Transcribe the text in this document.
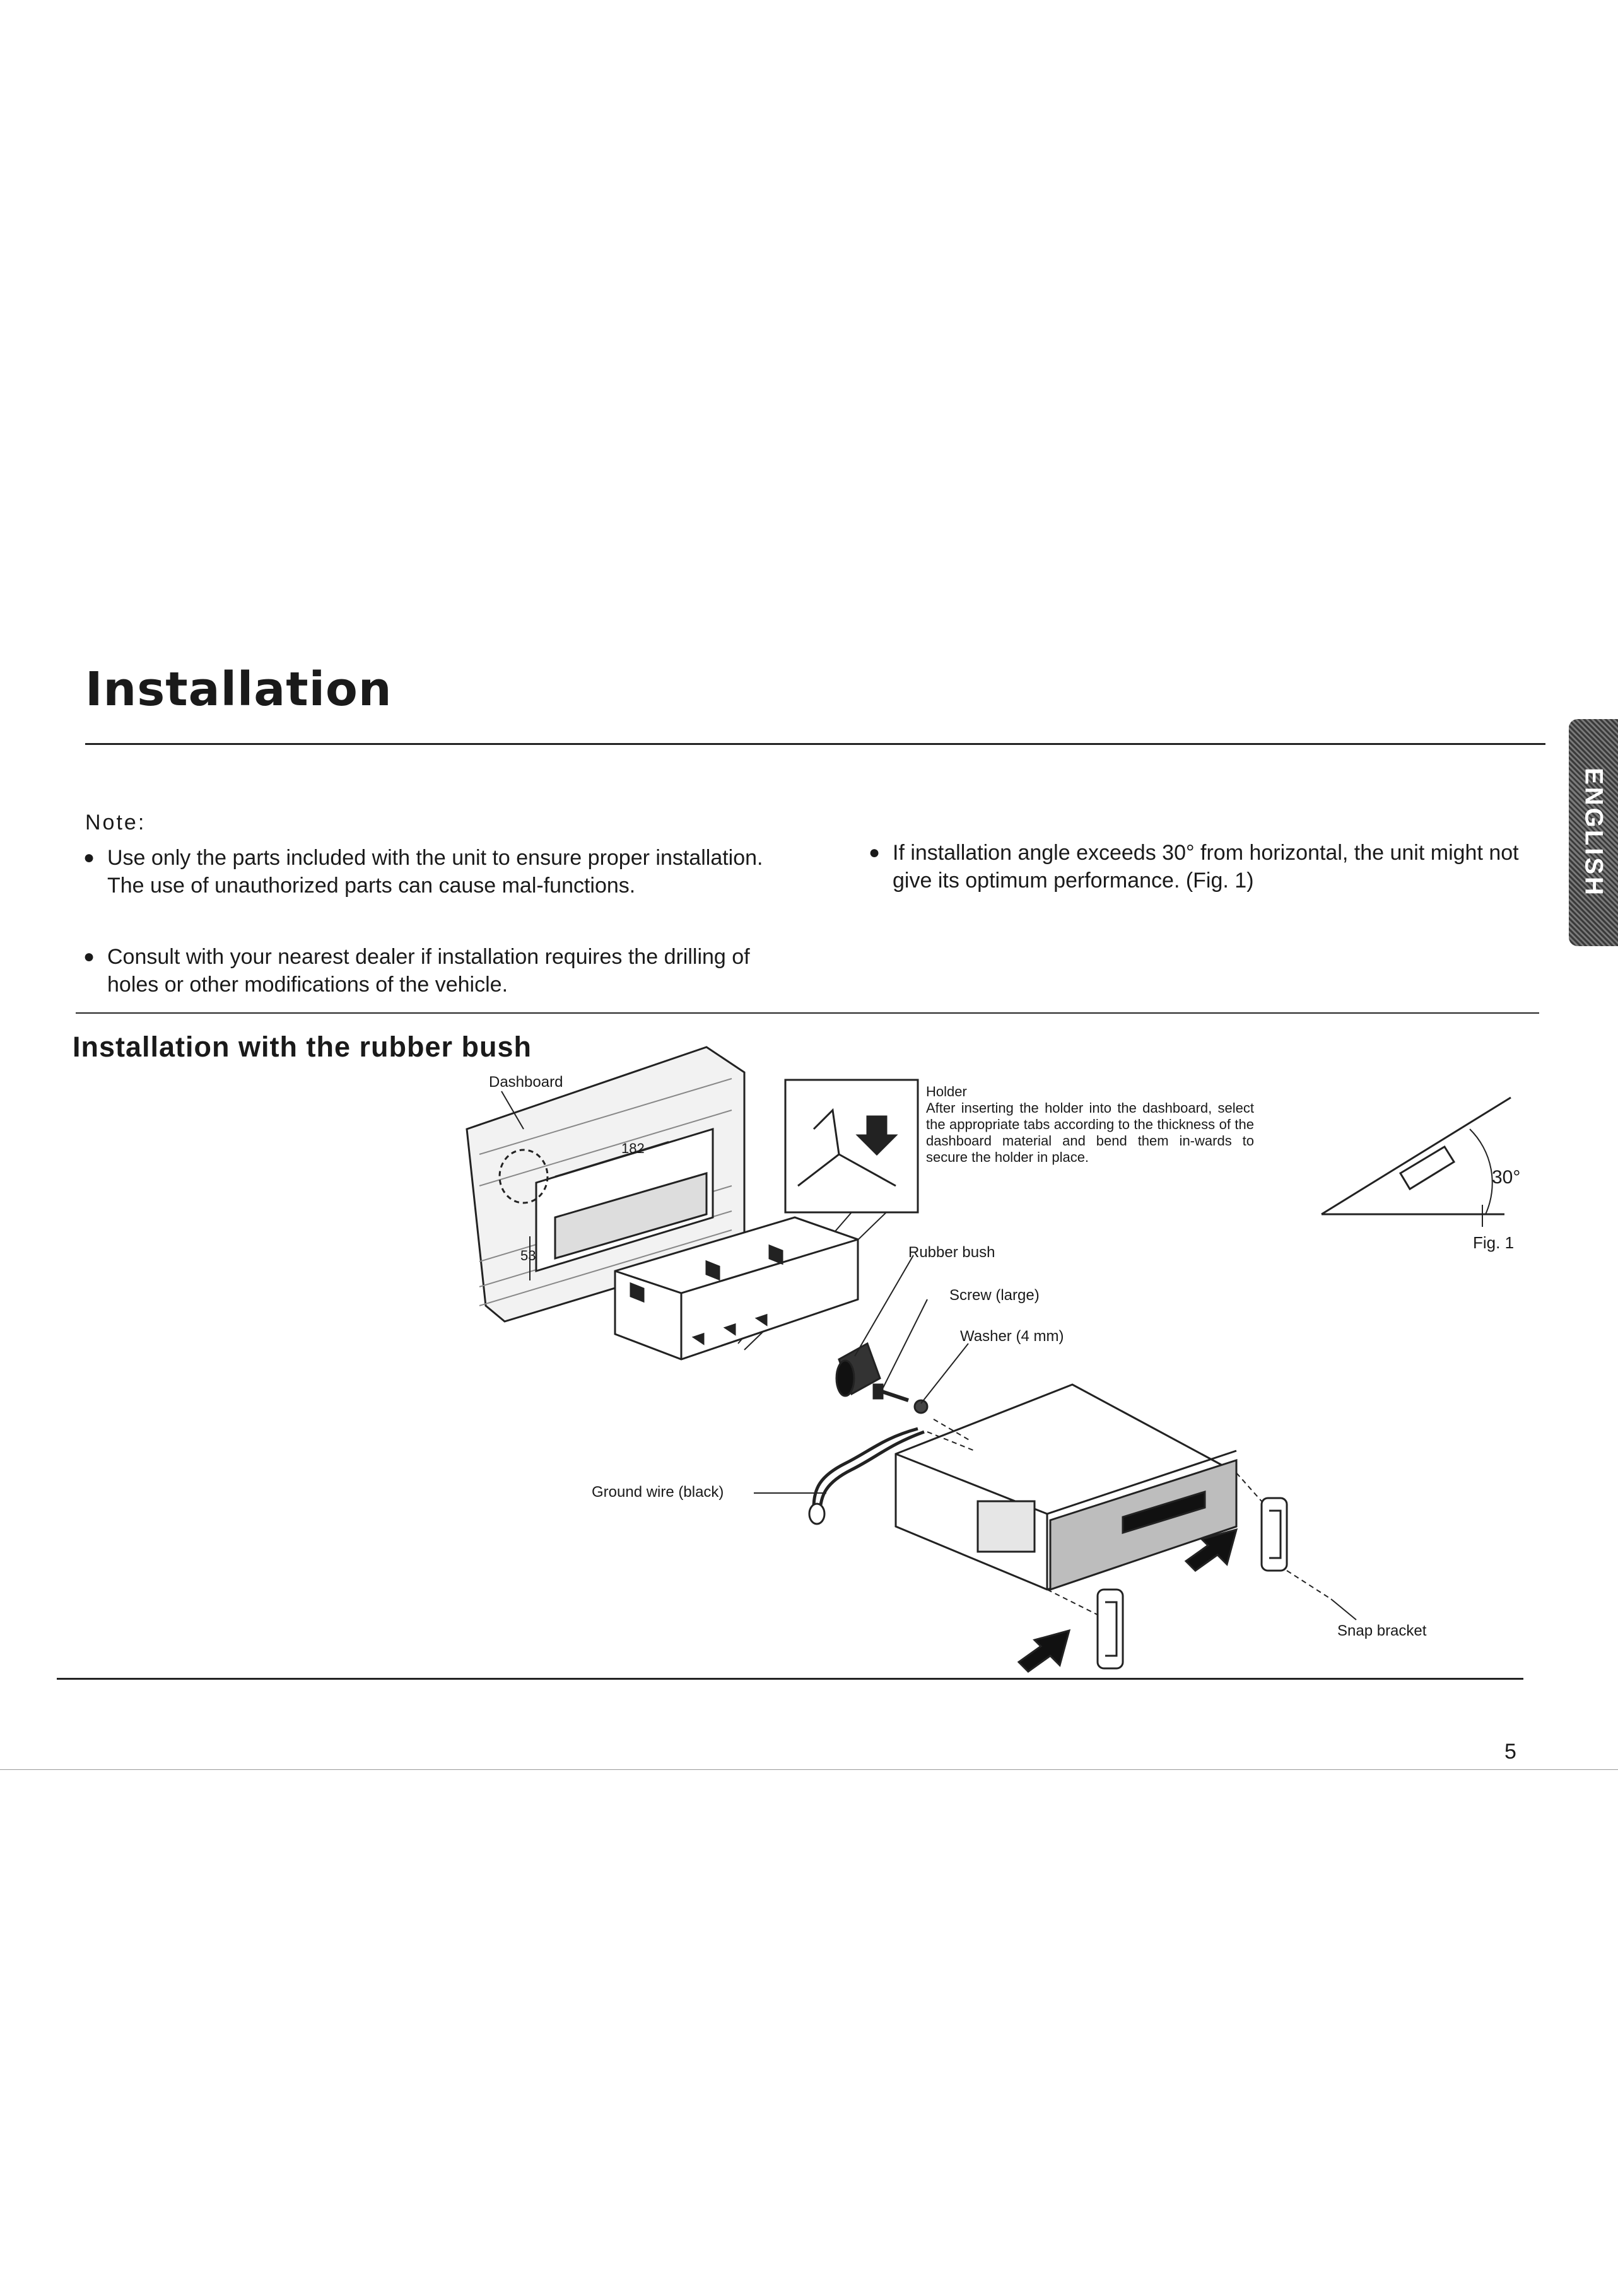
Installation
ENGLISH
Note:
● Use only the parts included with the unit to ensure proper installation. The use of unauthorized parts can cause mal-functions.
● Consult with your nearest dealer if installation requires the drilling of holes or other modifications of the vehicle.
● If installation angle exceeds 30° from horizontal, the unit might not give its optimum performance. (Fig. 1)
Installation with the rubber bush
Dashboard
182
53
Holder
After inserting the holder into the dashboard, select the appropriate tabs according to the thickness of the dashboard material and bend them in-wards to secure the holder in place.
Rubber bush
Screw (large)
Washer (4 mm)
Ground wire (black)
Snap bracket
30°
Fig. 1
5
